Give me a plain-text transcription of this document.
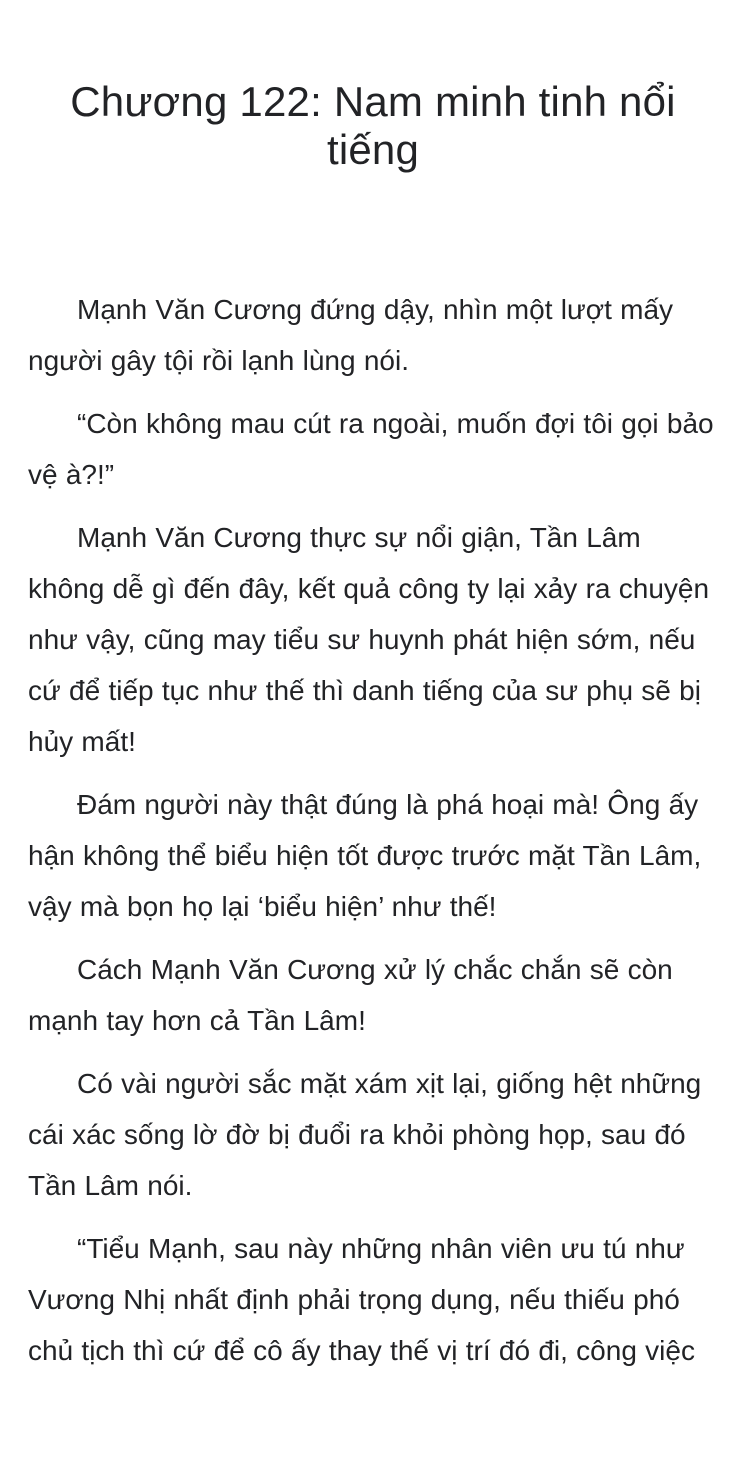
Chương 122: Nam minh tinh nổi tiếng

Mạnh Văn Cương đứng dậy, nhìn một lượt mấy người gây tội rồi lạnh lùng nói.

“Còn không mau cút ra ngoài, muốn đợi tôi gọi bảo vệ à?!”

Mạnh Văn Cương thực sự nổi giận, Tần Lâm không dễ gì đến đây, kết quả công ty lại xảy ra chuyện như vậy, cũng may tiểu sư huynh phát hiện sớm, nếu cứ để tiếp tục như thế thì danh tiếng của sư phụ sẽ bị hủy mất!

Đám người này thật đúng là phá hoại mà! Ông ấy hận không thể biểu hiện tốt được trước mặt Tần Lâm, vậy mà bọn họ lại ‘biểu hiện’ như thế!

Cách Mạnh Văn Cương xử lý chắc chắn sẽ còn mạnh tay hơn cả Tần Lâm!

Có vài người sắc mặt xám xịt lại, giống hệt những cái xác sống lờ đờ bị đuổi ra khỏi phòng họp, sau đó Tần Lâm nói.

“Tiểu Mạnh, sau này những nhân viên ưu tú như Vương Nhị nhất định phải trọng dụng, nếu thiếu phó chủ tịch thì cứ để cô ấy thay thế vị trí đó đi, công việc
